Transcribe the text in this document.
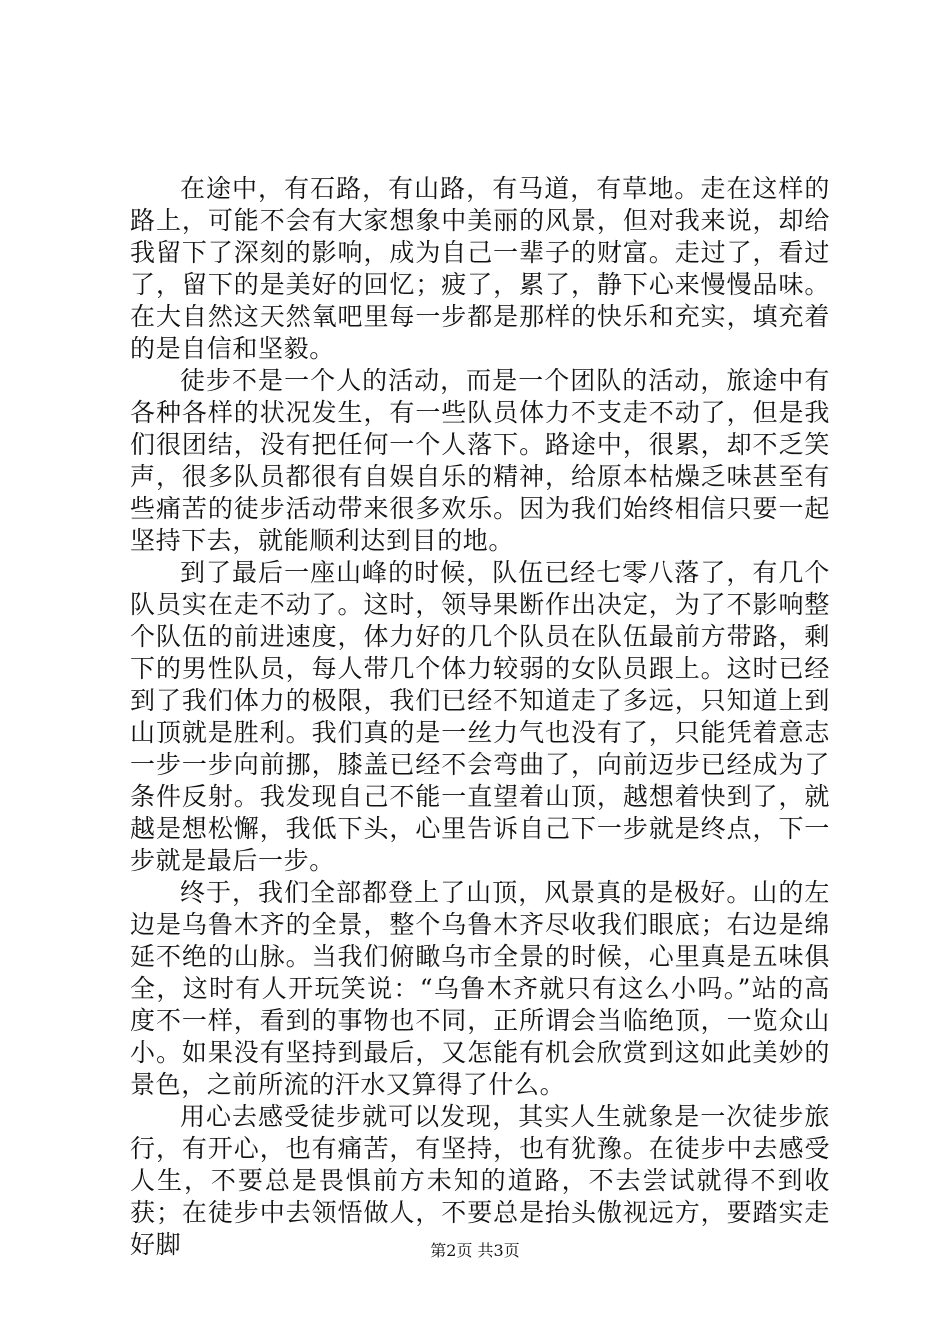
在途中，有石路，有山路，有马道，有草地。走在这样的路上，可能不会有大家想象中美丽的风景，但对我来说，却给我留下了深刻的影响，成为自己一辈子的财富。走过了，看过了，留下的是美好的回忆；疲了，累了，静下心来慢慢品味。在大自然这天然氧吧里每一步都是那样的快乐和充实，填充着的是自信和坚毅。

徒步不是一个人的活动，而是一个团队的活动，旅途中有各种各样的状况发生，有一些队员体力不支走不动了，但是我们很团结，没有把任何一个人落下。路途中，很累，却不乏笑声，很多队员都很有自娱自乐的精神，给原本枯燥乏味甚至有些痛苦的徒步活动带来很多欢乐。因为我们始终相信只要一起坚持下去，就能顺利达到目的地。

到了最后一座山峰的时候，队伍已经七零八落了，有几个队员实在走不动了。这时，领导果断作出决定，为了不影响整个队伍的前进速度，体力好的几个队员在队伍最前方带路，剩下的男性队员，每人带几个体力较弱的女队员跟上。这时已经到了我们体力的极限，我们已经不知道走了多远，只知道上到山顶就是胜利。我们真的是一丝力气也没有了，只能凭着意志一步一步向前挪，膝盖已经不会弯曲了，向前迈步已经成为了条件反射。我发现自己不能一直望着山顶，越想着快到了，就越是想松懈，我低下头，心里告诉自己下一步就是终点，下一步就是最后一步。

终于，我们全部都登上了山顶，风景真的是极好。山的左边是乌鲁木齐的全景，整个乌鲁木齐尽收我们眼底；右边是绵延不绝的山脉。当我们俯瞰乌市全景的时候，心里真是五味俱全，这时有人开玩笑说：“乌鲁木齐就只有这么小吗。”站的高度不一样，看到的事物也不同，正所谓会当临绝顶，一览众山小。如果没有坚持到最后，又怎能有机会欣赏到这如此美妙的景色，之前所流的汗水又算得了什么。

用心去感受徒步就可以发现，其实人生就象是一次徒步旅行，有开心，也有痛苦，有坚持，也有犹豫。在徒步中去感受人生，不要总是畏惧前方未知的道路，不去尝试就得不到收获；在徒步中去领悟做人，不要总是抬头傲视远方，要踏实走好脚	第2页 共3页
